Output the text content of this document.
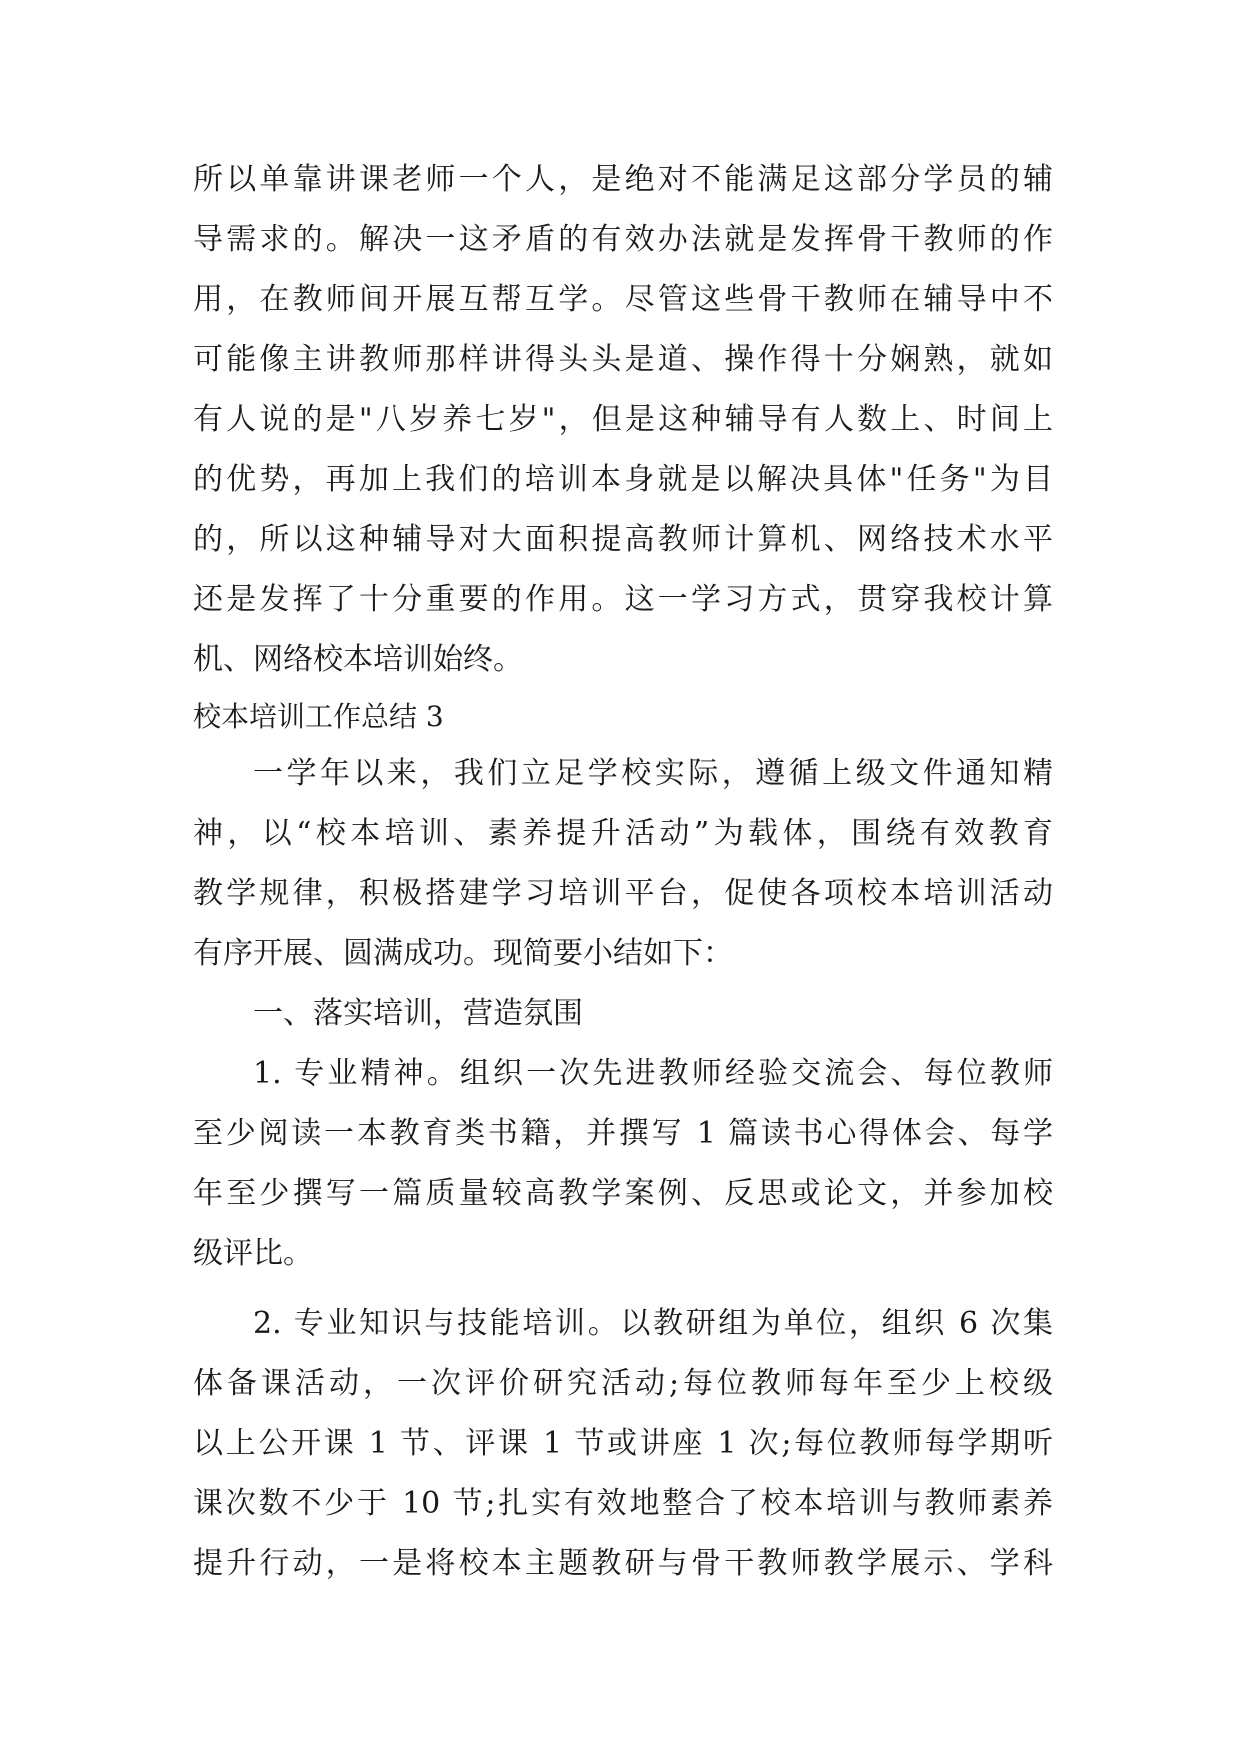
所以单靠讲课老师一个人，是绝对不能满足这部分学员的辅
导需求的。解决一这矛盾的有效办法就是发挥骨干教师的作
用，在教师间开展互帮互学。尽管这些骨干教师在辅导中不
可能像主讲教师那样讲得头头是道、操作得十分娴熟，就如
有人说的是"八岁养七岁"，但是这种辅导有人数上、时间上
的优势，再加上我们的培训本身就是以解决具体"任务"为目
的，所以这种辅导对大面积提高教师计算机、网络技术水平
还是发挥了十分重要的作用。这一学习方式，贯穿我校计算
机、网络校本培训始终。
校本培训工作总结 3
一学年以来，我们立足学校实际，遵循上级文件通知精
神，以“校本培训、素养提升活动”为载体，围绕有效教育
教学规律，积极搭建学习培训平台，促使各项校本培训活动
有序开展、圆满成功。现简要小结如下：
一、落实培训，营造氛围
1. 专业精神。组织一次先进教师经验交流会、每位教师
至少阅读一本教育类书籍，并撰写 1 篇读书心得体会、每学
年至少撰写一篇质量较高教学案例、反思或论文，并参加校
级评比。
2. 专业知识与技能培训。以教研组为单位，组织 6 次集
体备课活动，一次评价研究活动;每位教师每年至少上校级
以上公开课 1 节、评课 1 节或讲座 1 次;每位教师每学期听
课次数不少于 10 节;扎实有效地整合了校本培训与教师素养
提升行动，一是将校本主题教研与骨干教师教学展示、学科
